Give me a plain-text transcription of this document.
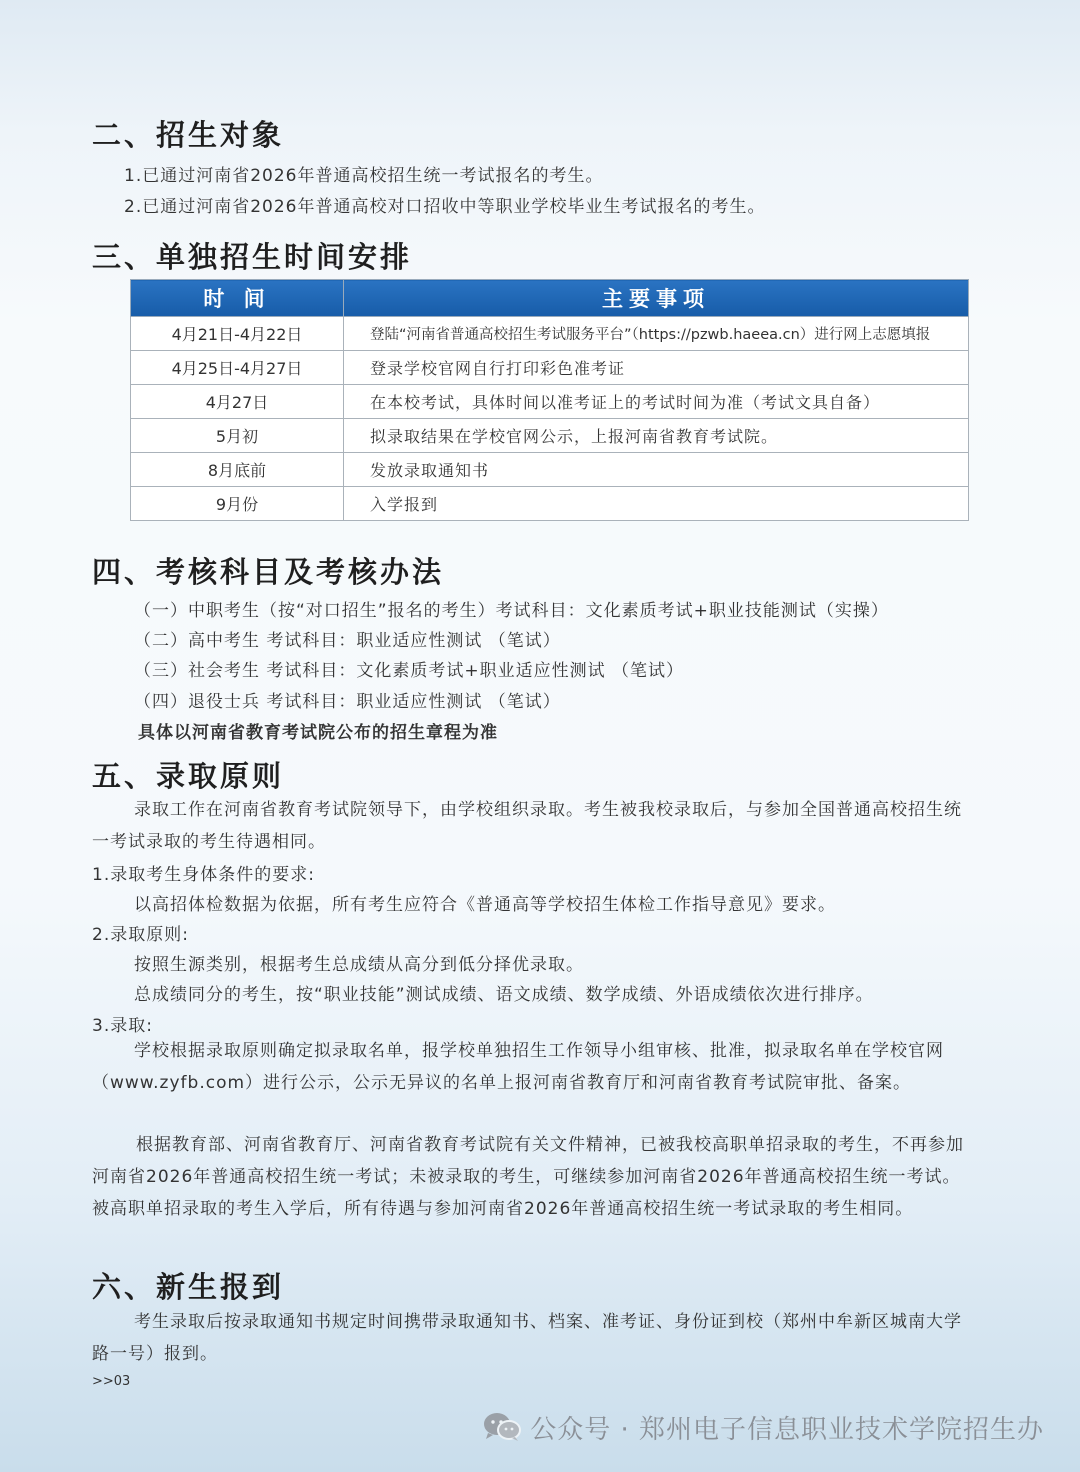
二、招生对象
1.已通过河南省2026年普通高校招生统一考试报名的考生。
2.已通过河南省2026年普通高校对口招收中等职业学校毕业生考试报名的考生。
三、单独招生时间安排
时 间	主要事项
4月21日-4月22日	登陆“河南省普通高校招生考试服务平台”（https://pzwb.haeea.cn）进行网上志愿填报
4月25日-4月27日	登录学校官网自行打印彩色准考证
4月27日	在本校考试，具体时间以准考证上的考试时间为准（考试文具自备）
5月初	拟录取结果在学校官网公示，上报河南省教育考试院。
8月底前	发放录取通知书
9月份	入学报到
四、考核科目及考核办法
（一）中职考生（按“对口招生”报名的考生）考试科目：文化素质考试+职业技能测试（实操）
（二）高中考生 考试科目：职业适应性测试 （笔试）
（三）社会考生 考试科目：文化素质考试+职业适应性测试 （笔试）
（四）退役士兵 考试科目：职业适应性测试 （笔试）
具体以河南省教育考试院公布的招生章程为准
五、录取原则
录取工作在河南省教育考试院领导下，由学校组织录取。考生被我校录取后，与参加全国普通高校招生统一考试录取的考生待遇相同。
1.录取考生身体条件的要求:
以高招体检数据为依据，所有考生应符合《普通高等学校招生体检工作指导意见》要求。
2.录取原则:
按照生源类别，根据考生总成绩从高分到低分择优录取。
总成绩同分的考生，按“职业技能”测试成绩、语文成绩、数学成绩、外语成绩依次进行排序。
3.录取:
学校根据录取原则确定拟录取名单，报学校单独招生工作领导小组审核、批准，拟录取名单在学校官网（www.zyfb.com）进行公示，公示无异议的名单上报河南省教育厅和河南省教育考试院审批、备案。
根据教育部、河南省教育厅、河南省教育考试院有关文件精神，已被我校高职单招录取的考生，不再参加河南省2026年普通高校招生统一考试；未被录取的考生，可继续参加河南省2026年普通高校招生统一考试。被高职单招录取的考生入学后，所有待遇与参加河南省2026年普通高校招生统一考试录取的考生相同。
六、新生报到
考生录取后按录取通知书规定时间携带录取通知书、档案、准考证、身份证到校（郑州中牟新区城南大学路一号）报到。
>>03
公众号 · 郑州电子信息职业技术学院招生办
